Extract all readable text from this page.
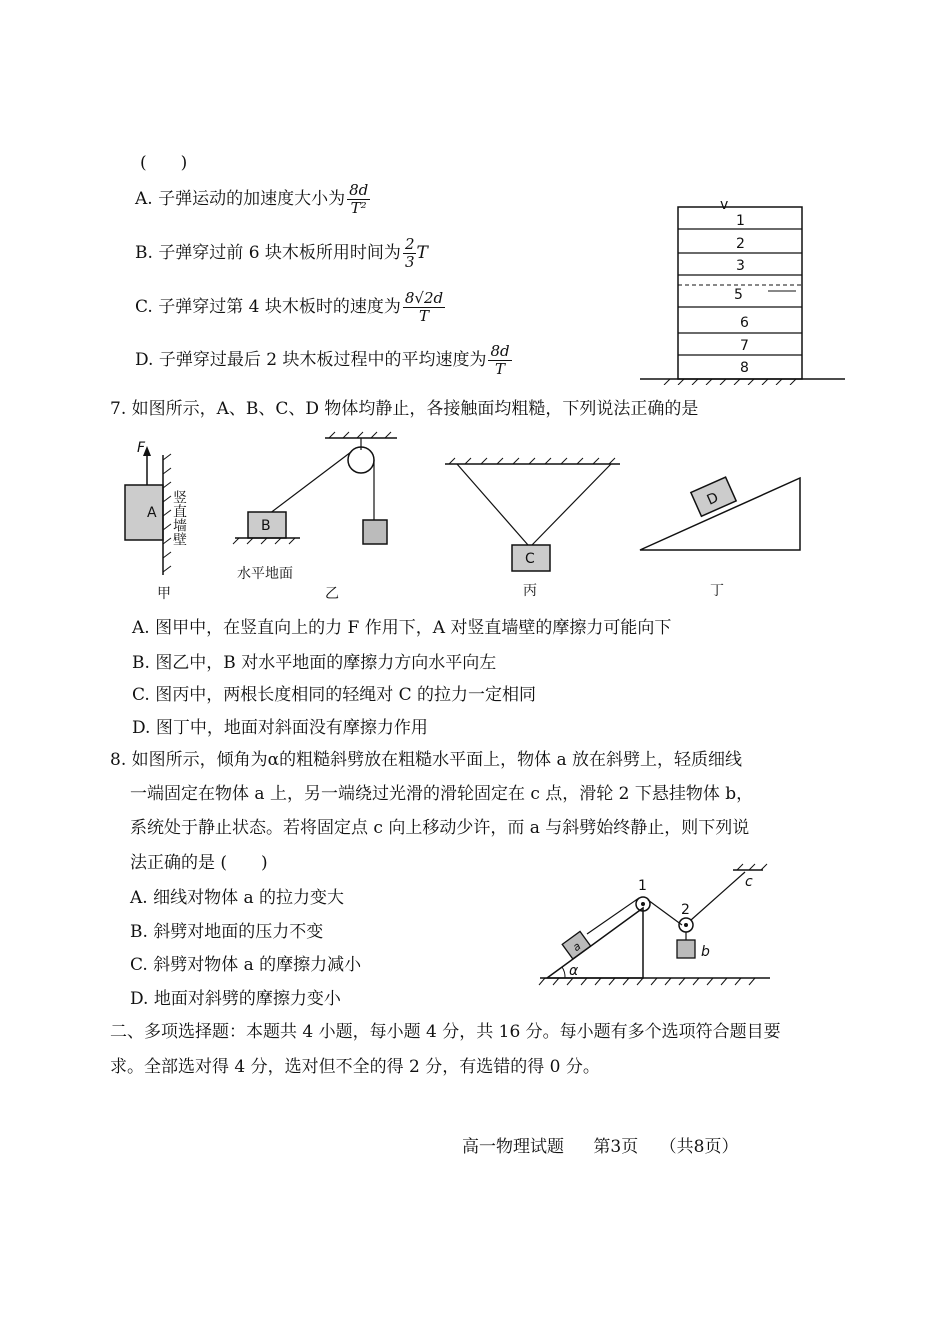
(　　)
A. 子弹运动的加速度大小为 $\frac{8d}{\text{T²}}$
B. 子弹穿过前 6 块木板所用时间为 $\frac{2}{3}$ T
C. 子弹穿过第 4 块木板时的速度为 $\frac{8√2d}{T}$
D. 子弹穿过最后 2 块木板过程中的平均速度为 $\frac{8d}{T}$
v
1
2
3
5
6
7
8
7. 如图所示，A、B、C、D 物体均静止，各接触面均粗糙，下列说法正确的是
F
A 竖直墙壁
甲
B
水平地面
乙
C
丙
D
丁
A. 图甲中，在竖直向上的力 F 作用下，A 对竖直墙壁的摩擦力可能向下
B. 图乙中，B 对水平地面的摩擦力方向水平向左
C. 图丙中，两根长度相同的轻绳对 C 的拉力一定相同
D. 图丁中，地面对斜面没有摩擦力作用
8. 如图所示，倾角为α的粗糙斜劈放在粗糙水平面上，物体 a 放在斜劈上，轻质细线
一端固定在物体 a 上，另一端绕过光滑的滑轮固定在 c 点，滑轮 2 下悬挂物体 b，
系统处于静止状态。若将固定点 c 向上移动少许，而 a 与斜劈始终静止，则下列说
法正确的是 (　　)
A. 细线对物体 a 的拉力变大
B. 斜劈对地面的压力不变
C. 斜劈对物体 a 的摩擦力减小
D. 地面对斜劈的摩擦力变小
α
a
1
2
b
c
二、多项选择题：本题共 4 小题，每小题 4 分，共 16 分。每小题有多个选项符合题目要
求。全部选对得 4 分，选对但不全的得 2 分，有选错的得 0 分。
高一物理试题 第3页 （共8页）
